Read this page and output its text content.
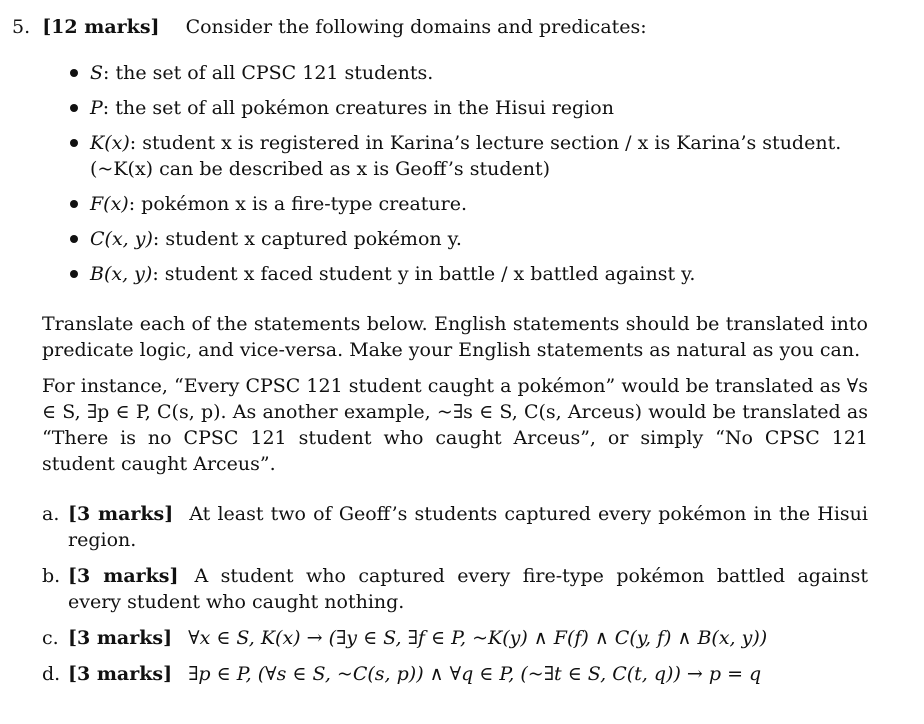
5. [12 marks] Consider the following domains and predicates:
S: the set of all CPSC 121 students.
P: the set of all pokémon creatures in the Hisui region
K(x): student x is registered in Karina’s lecture section / x is Karina’s student. (~K(x) can be described as x is Geoff’s student)
F(x): pokémon x is a fire-type creature.
C(x, y): student x captured pokémon y.
B(x, y): student x faced student y in battle / x battled against y.

Translate each of the statements below. English statements should be translated into predicate logic, and vice-versa. Make your English statements as natural as you can.

For instance, “Every CPSC 121 student caught a pokémon” would be translated as ∀s ∈ S, ∃p ∈ P, C(s, p). As another example, ~∃s ∈ S, C(s, Arceus) would be translated as “There is no CPSC 121 student who caught Arceus”, or simply “No CPSC 121 student caught Arceus”.

a. [3 marks] At least two of Geoff’s students captured every pokémon in the Hisui region.
b. [3 marks] A student who captured every fire-type pokémon battled against every student who caught nothing.
c. [3 marks] ∀x ∈ S, K(x) → (∃y ∈ S, ∃f ∈ P, ~K(y) ∧ F(f) ∧ C(y, f) ∧ B(x, y))
d. [3 marks] ∃p ∈ P, (∀s ∈ S, ~C(s, p)) ∧ ∀q ∈ P, (~∃t ∈ S, C(t, q)) → p = q
